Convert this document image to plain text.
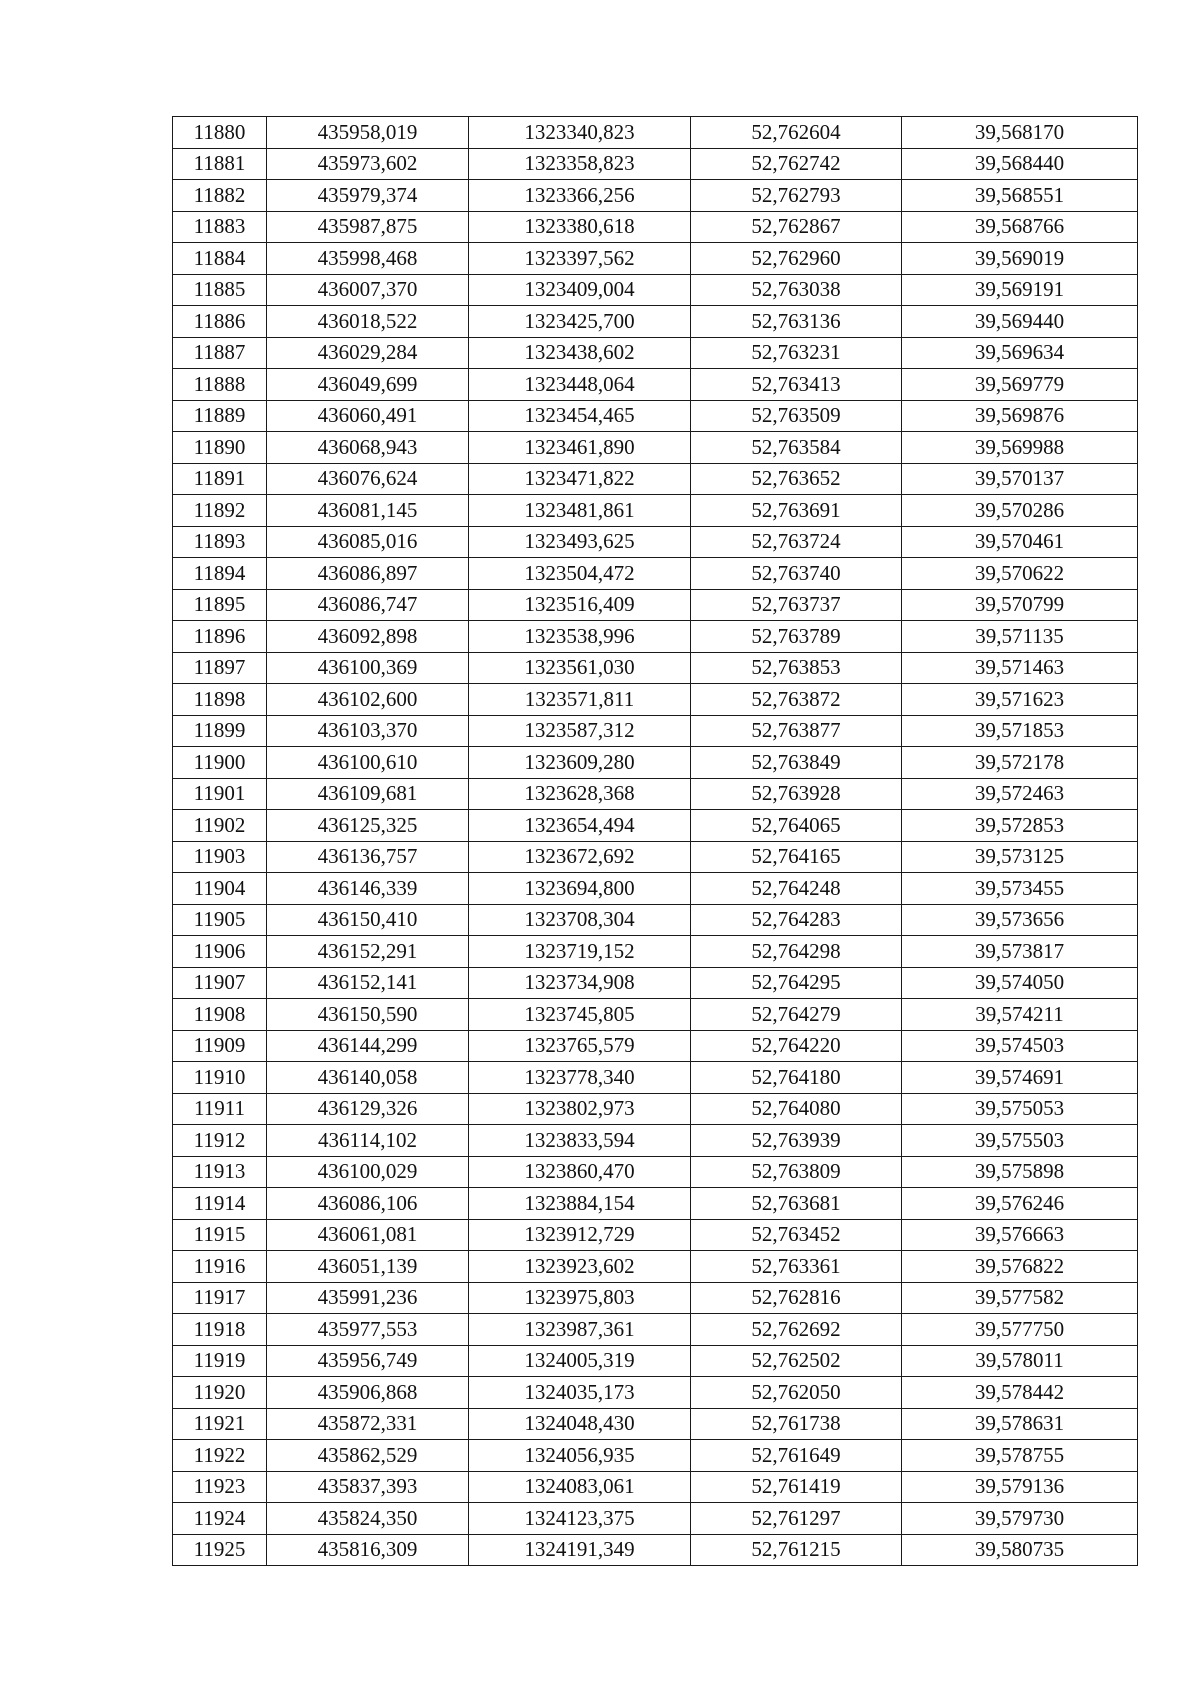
11880	435958,019	1323340,823	52,762604	39,568170
11881	435973,602	1323358,823	52,762742	39,568440
11882	435979,374	1323366,256	52,762793	39,568551
11883	435987,875	1323380,618	52,762867	39,568766
11884	435998,468	1323397,562	52,762960	39,569019
11885	436007,370	1323409,004	52,763038	39,569191
11886	436018,522	1323425,700	52,763136	39,569440
11887	436029,284	1323438,602	52,763231	39,569634
11888	436049,699	1323448,064	52,763413	39,569779
11889	436060,491	1323454,465	52,763509	39,569876
11890	436068,943	1323461,890	52,763584	39,569988
11891	436076,624	1323471,822	52,763652	39,570137
11892	436081,145	1323481,861	52,763691	39,570286
11893	436085,016	1323493,625	52,763724	39,570461
11894	436086,897	1323504,472	52,763740	39,570622
11895	436086,747	1323516,409	52,763737	39,570799
11896	436092,898	1323538,996	52,763789	39,571135
11897	436100,369	1323561,030	52,763853	39,571463
11898	436102,600	1323571,811	52,763872	39,571623
11899	436103,370	1323587,312	52,763877	39,571853
11900	436100,610	1323609,280	52,763849	39,572178
11901	436109,681	1323628,368	52,763928	39,572463
11902	436125,325	1323654,494	52,764065	39,572853
11903	436136,757	1323672,692	52,764165	39,573125
11904	436146,339	1323694,800	52,764248	39,573455
11905	436150,410	1323708,304	52,764283	39,573656
11906	436152,291	1323719,152	52,764298	39,573817
11907	436152,141	1323734,908	52,764295	39,574050
11908	436150,590	1323745,805	52,764279	39,574211
11909	436144,299	1323765,579	52,764220	39,574503
11910	436140,058	1323778,340	52,764180	39,574691
11911	436129,326	1323802,973	52,764080	39,575053
11912	436114,102	1323833,594	52,763939	39,575503
11913	436100,029	1323860,470	52,763809	39,575898
11914	436086,106	1323884,154	52,763681	39,576246
11915	436061,081	1323912,729	52,763452	39,576663
11916	436051,139	1323923,602	52,763361	39,576822
11917	435991,236	1323975,803	52,762816	39,577582
11918	435977,553	1323987,361	52,762692	39,577750
11919	435956,749	1324005,319	52,762502	39,578011
11920	435906,868	1324035,173	52,762050	39,578442
11921	435872,331	1324048,430	52,761738	39,578631
11922	435862,529	1324056,935	52,761649	39,578755
11923	435837,393	1324083,061	52,761419	39,579136
11924	435824,350	1324123,375	52,761297	39,579730
11925	435816,309	1324191,349	52,761215	39,580735
